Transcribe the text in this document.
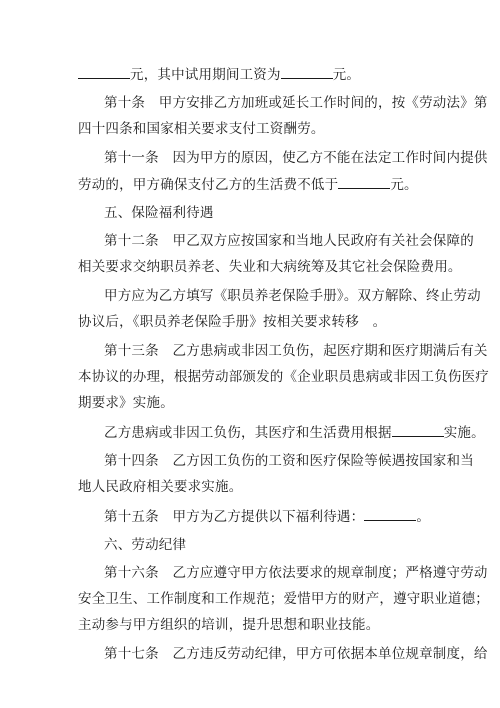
元，其中试用期间工资为	元。
第十条　甲方安排乙方加班或延长工作时间的，按《劳动法》第
四十四条和国家相关要求支付工资酬劳。
第十一条　因为甲方的原因，使乙方不能在法定工作时间内提供
劳动的，甲方确保支付乙方的生活费不低于	元。
五、保险福利待遇
第十二条　甲乙双方应按国家和当地人民政府有关社会保障的
相关要求交纳职员养老、失业和大病统筹及其它社会保险费用。
甲方应为乙方填写《职员养老保险手册》。双方解除、终止劳动
协议后，《职员养老保险手册》按相关要求转移　。
第十三条　乙方患病或非因工负伤，起医疗期和医疗期满后有关
本协议的办理，根据劳动部颁发的《企业职员患病或非因工负伤医疗
期要求》实施。
乙方患病或非因工负伤，其医疗和生活费用根据	实施。
第十四条　乙方因工负伤的工资和医疗保险等候遇按国家和当
地人民政府相关要求实施。
第十五条　甲方为乙方提供以下福利待遇：	。
六、劳动纪律
第十六条　乙方应遵守甲方依法要求的规章制度；严格遵守劳动
安全卫生、工作制度和工作规范；爱惜甲方的财产，遵守职业道德；
主动参与甲方组织的培训，提升思想和职业技能。
第十七条　乙方违反劳动纪律，甲方可依据本单位规章制度，给
